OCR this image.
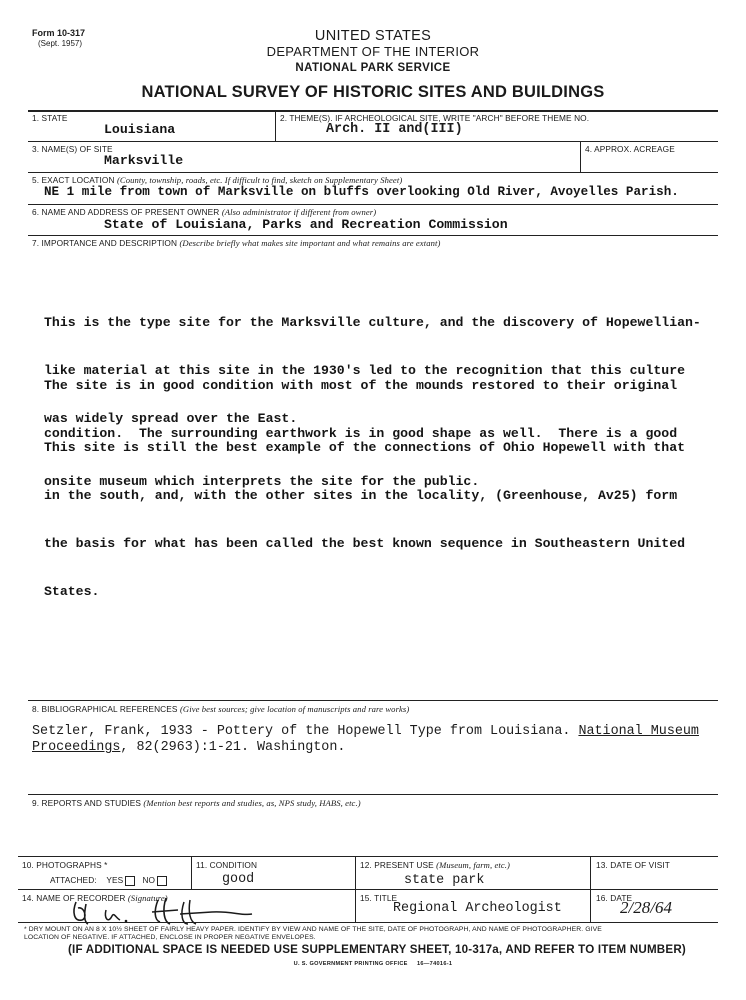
Form 10-317
(Sept. 1957)	UNITED STATES
DEPARTMENT OF THE INTERIOR
NATIONAL PARK SERVICE
NATIONAL SURVEY OF HISTORIC SITES AND BUILDINGS
1. STATE
Louisiana
2. THEME(S). IF ARCHEOLOGICAL SITE, WRITE "ARCH" BEFORE THEME NO.
Arch. II and(III)
3. NAME(S) OF SITE
Marksville
4. APPROX. ACREAGE
5. EXACT LOCATION (County, township, roads, etc. If difficult to find, sketch on Supplementary Sheet)
NE 1 mile from town of Marksville on bluffs overlooking Old River, Avoyelles Parish.
6. NAME AND ADDRESS OF PRESENT OWNER (Also administrator if different from owner)
State of Louisiana, Parks and Recreation Commission
7. IMPORTANCE AND DESCRIPTION (Describe briefly what makes site important and what remains are extant)

This is the type site for the Marksville culture, and the discovery of Hopewellian-

like material at this site in the 1930's led to the recognition that this culture

was widely spread over the East.

The site is in good condition with most of the mounds restored to their original

condition.  The surrounding earthwork is in good shape as well.  There is a good

onsite museum which interprets the site for the public.

This site is still the best example of the connections of Ohio Hopewell with that

in the south, and, with the other sites in the locality, (Greenhouse, Av25) form

the basis for what has been called the best known sequence in Southeastern United

States.

8. BIBLIOGRAPHICAL REFERENCES (Give best sources; give location of manuscripts and rare works)
Setzler, Frank, 1933 - Pottery of the Hopewell Type from Louisiana. National Museum
Proceedings, 82(2963):1-21. Washington.
9. REPORTS AND STUDIES (Mention best reports and studies, as, NPS study, HABS, etc.)
10. PHOTOGRAPHS *
ATTACHED: YES NO
11. CONDITION
good
12. PRESENT USE (Museum, farm, etc.)
state park
13. DATE OF VISIT
14. NAME OF RECORDER (Signature)	15. TITLE
Regional Archeologist
16. DATE
2/28/64
* DRY MOUNT ON AN 8 X 10½ SHEET OF FAIRLY HEAVY PAPER. IDENTIFY BY VIEW AND NAME OF THE SITE, DATE OF PHOTOGRAPH, AND NAME OF PHOTOGRAPHER. GIVE
LOCATION OF NEGATIVE. IF ATTACHED, ENCLOSE IN PROPER NEGATIVE ENVELOPES.
(IF ADDITIONAL SPACE IS NEEDED USE SUPPLEMENTARY SHEET, 10-317a, AND REFER TO ITEM NUMBER)
U. S. GOVERNMENT PRINTING OFFICE     16—74016-1
